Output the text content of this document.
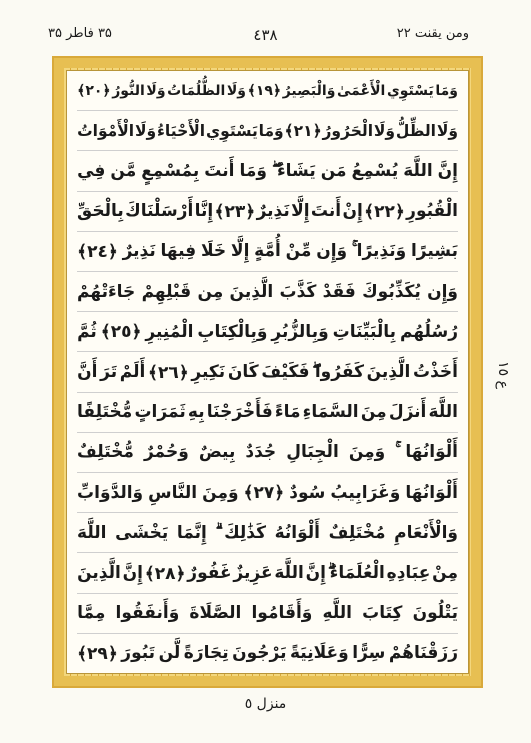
ومن يقنت ٢٢
٤٣٨
۳۵ فاطر ۳۵
وَمَا
يَسْتَوِي
الْأَعْمَىٰ
وَالْبَصِيرُ
﴿١٩﴾
وَلَا
الظُّلُمَاتُ
وَلَا
النُّورُ
﴿٢٠﴾
وَلَا
الظِّلُّ
وَلَا
الْحَرُورُ
﴿٢١﴾
وَمَا
يَسْتَوِي
الْأَحْيَاءُ
وَلَا
الْأَمْوَاتُ
إِنَّ
اللَّهَ
يُسْمِعُ
مَن
يَشَاءُ
وَمَا
أَنتَ
بِمُسْمِعٍ
مَّن
فِي
الْقُبُورِ
﴿٢٢﴾
إِنْ
أَنتَ
إِلَّا
نَذِيرٌ
﴿٢٣﴾
إِنَّا
أَرْسَلْنَاكَ
بِالْحَقِّ
بَشِيرًا
وَنَذِيرًا
وَإِن
مِّنْ
أُمَّةٍ
إِلَّا
خَلَا
فِيهَا
نَذِيرٌ
﴿٢٤﴾
وَإِن
يُكَذِّبُوكَ
فَقَدْ
كَذَّبَ
الَّذِينَ
مِن
قَبْلِهِمْ
جَاءَتْهُمْ
رُسُلُهُم
بِالْبَيِّنَاتِ
وَبِالزُّبُرِ
وَبِالْكِتَابِ
الْمُنِيرِ
﴿٢٥﴾
ثُمَّ
أَخَذْتُ
الَّذِينَ
كَفَرُوا
فَكَيْفَ
كَانَ
نَكِيرِ
﴿٢٦﴾
أَلَمْ
تَرَ
أَنَّ
اللَّهَ
أَنزَلَ
مِنَ
السَّمَاءِ
مَاءً
فَأَخْرَجْنَا
بِهِ
ثَمَرَاتٍ
مُّخْتَلِفًا
أَلْوَانُهَا
وَمِنَ
الْجِبَالِ
جُدَدٌ
بِيضٌ
وَحُمْرٌ
مُّخْتَلِفٌ
أَلْوَانُهَا
وَغَرَابِيبُ
سُودٌ
﴿٢٧﴾
وَمِنَ
النَّاسِ
وَالدَّوَابِّ
وَالْأَنْعَامِ
مُخْتَلِفٌ
أَلْوَانُهُ
كَذَٰلِكَ
إِنَّمَا
يَخْشَى
اللَّهَ
مِنْ
عِبَادِهِ
الْعُلَمَاءُ
إِنَّ
اللَّهَ
عَزِيزٌ
غَفُورٌ
﴿٢٨﴾
إِنَّ
الَّذِينَ
يَتْلُونَ
كِتَابَ
اللَّهِ
وَأَقَامُوا
الصَّلَاةَ
وَأَنفَقُوا
مِمَّا
رَزَقْنَاهُمْ
سِرًّا
وَعَلَانِيَةً
يَرْجُونَ
تِجَارَةً
لَّن
تَبُورَ
﴿٢٩﴾
ع ١٥
منزل ٥
